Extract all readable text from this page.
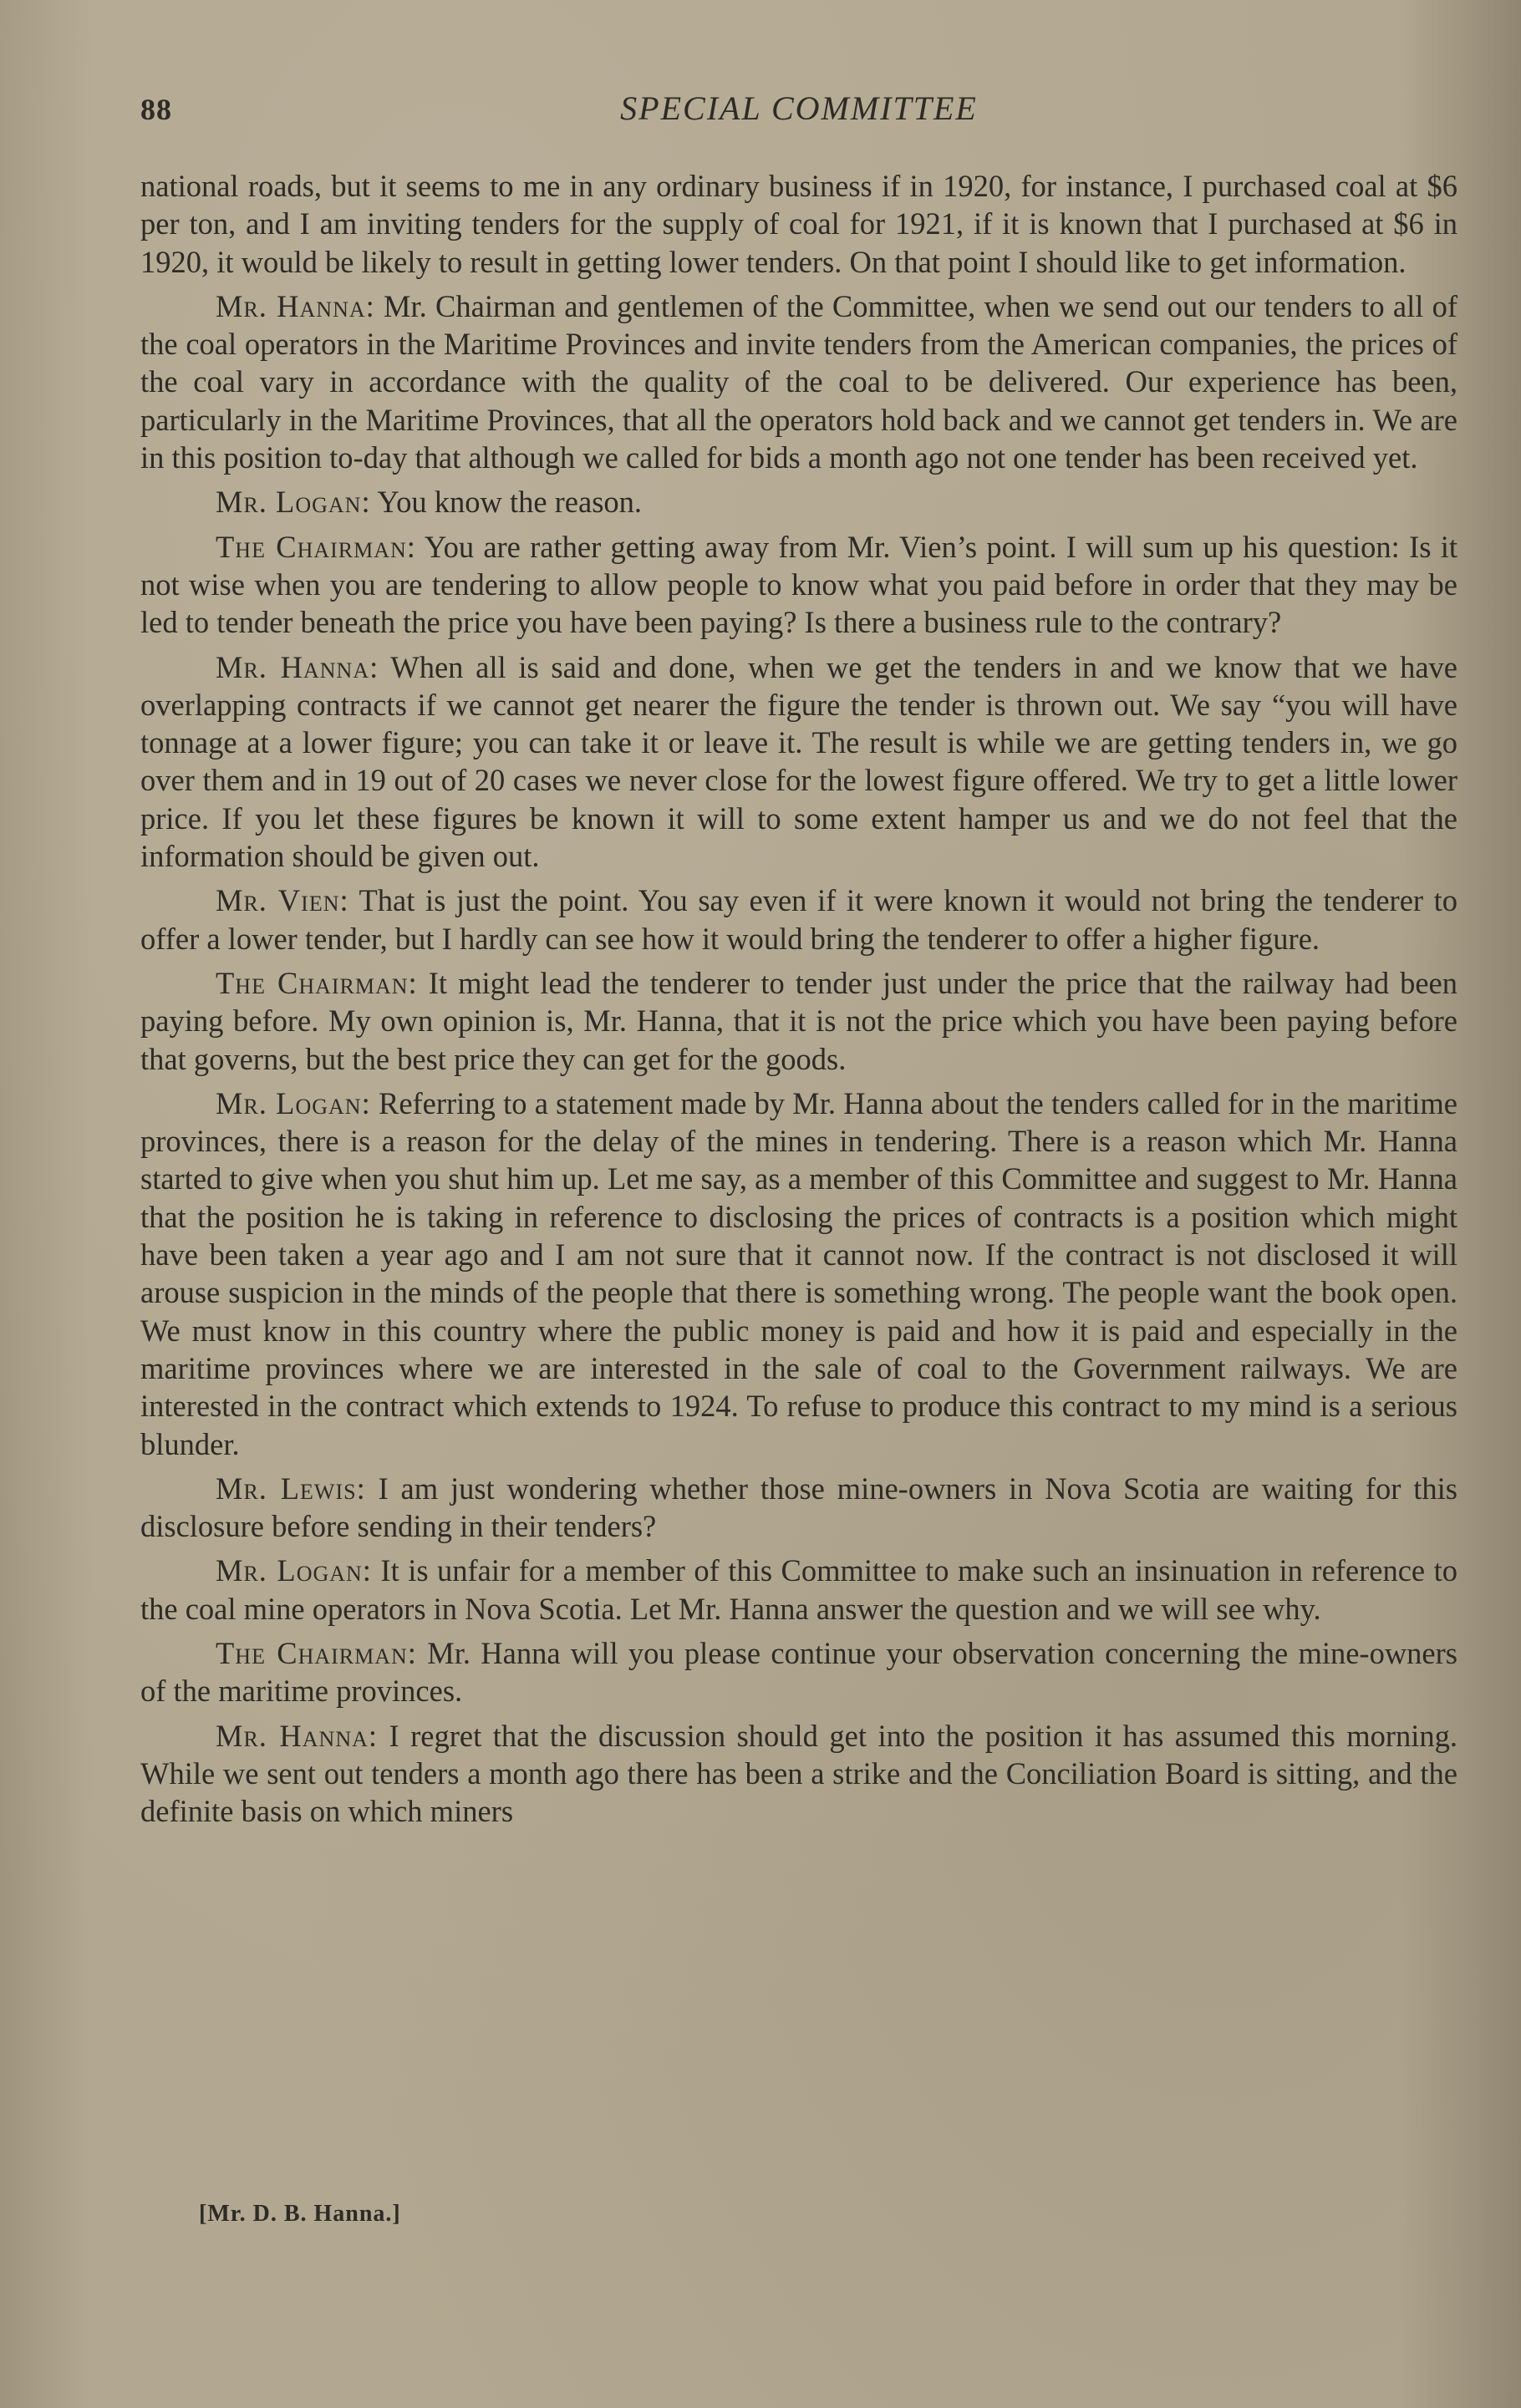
88	SPECIAL COMMITTEE

national roads, but it seems to me in any ordinary business if in 1920, for instance, I purchased coal at $6 per ton, and I am inviting tenders for the supply of coal for 1921, if it is known that I purchased at $6 in 1920, it would be likely to result in getting lower tenders. On that point I should like to get information.

Mr. Hanna: Mr. Chairman and gentlemen of the Committee, when we send out our tenders to all of the coal operators in the Maritime Provinces and invite tenders from the American companies, the prices of the coal vary in accordance with the quality of the coal to be delivered. Our experience has been, particularly in the Maritime Provinces, that all the operators hold back and we cannot get tenders in. We are in this position to-day that although we called for bids a month ago not one tender has been received yet.

Mr. Logan: You know the reason.

The Chairman: You are rather getting away from Mr. Vien’s point. I will sum up his question: Is it not wise when you are tendering to allow people to know what you paid before in order that they may be led to tender beneath the price you have been paying? Is there a business rule to the contrary?

Mr. Hanna: When all is said and done, when we get the tenders in and we know that we have overlapping contracts if we cannot get nearer the figure the tender is thrown out. We say “you will have tonnage at a lower figure; you can take it or leave it. The result is while we are getting tenders in, we go over them and in 19 out of 20 cases we never close for the lowest figure offered. We try to get a little lower price. If you let these figures be known it will to some extent hamper us and we do not feel that the information should be given out.

Mr. Vien: That is just the point. You say even if it were known it would not bring the tenderer to offer a lower tender, but I hardly can see how it would bring the tenderer to offer a higher figure.

The Chairman: It might lead the tenderer to tender just under the price that the railway had been paying before. My own opinion is, Mr. Hanna, that it is not the price which you have been paying before that governs, but the best price they can get for the goods.

Mr. Logan: Referring to a statement made by Mr. Hanna about the tenders called for in the maritime provinces, there is a reason for the delay of the mines in tendering. There is a reason which Mr. Hanna started to give when you shut him up. Let me say, as a member of this Committee and suggest to Mr. Hanna that the position he is taking in reference to disclosing the prices of contracts is a position which might have been taken a year ago and I am not sure that it cannot now. If the contract is not disclosed it will arouse suspicion in the minds of the people that there is something wrong. The people want the book open. We must know in this country where the public money is paid and how it is paid and especially in the maritime provinces where we are interested in the sale of coal to the Government railways. We are interested in the contract which extends to 1924. To refuse to produce this contract to my mind is a serious blunder.

Mr. Lewis: I am just wondering whether those mine-owners in Nova Scotia are waiting for this disclosure before sending in their tenders?

Mr. Logan: It is unfair for a member of this Committee to make such an insinuation in reference to the coal mine operators in Nova Scotia. Let Mr. Hanna answer the question and we will see why.

The Chairman: Mr. Hanna will you please continue your observation concerning the mine-owners of the maritime provinces.

Mr. Hanna: I regret that the discussion should get into the position it has assumed this morning. While we sent out tenders a month ago there has been a strike and the Conciliation Board is sitting, and the definite basis on which miners

[Mr. D. B. Hanna.]
